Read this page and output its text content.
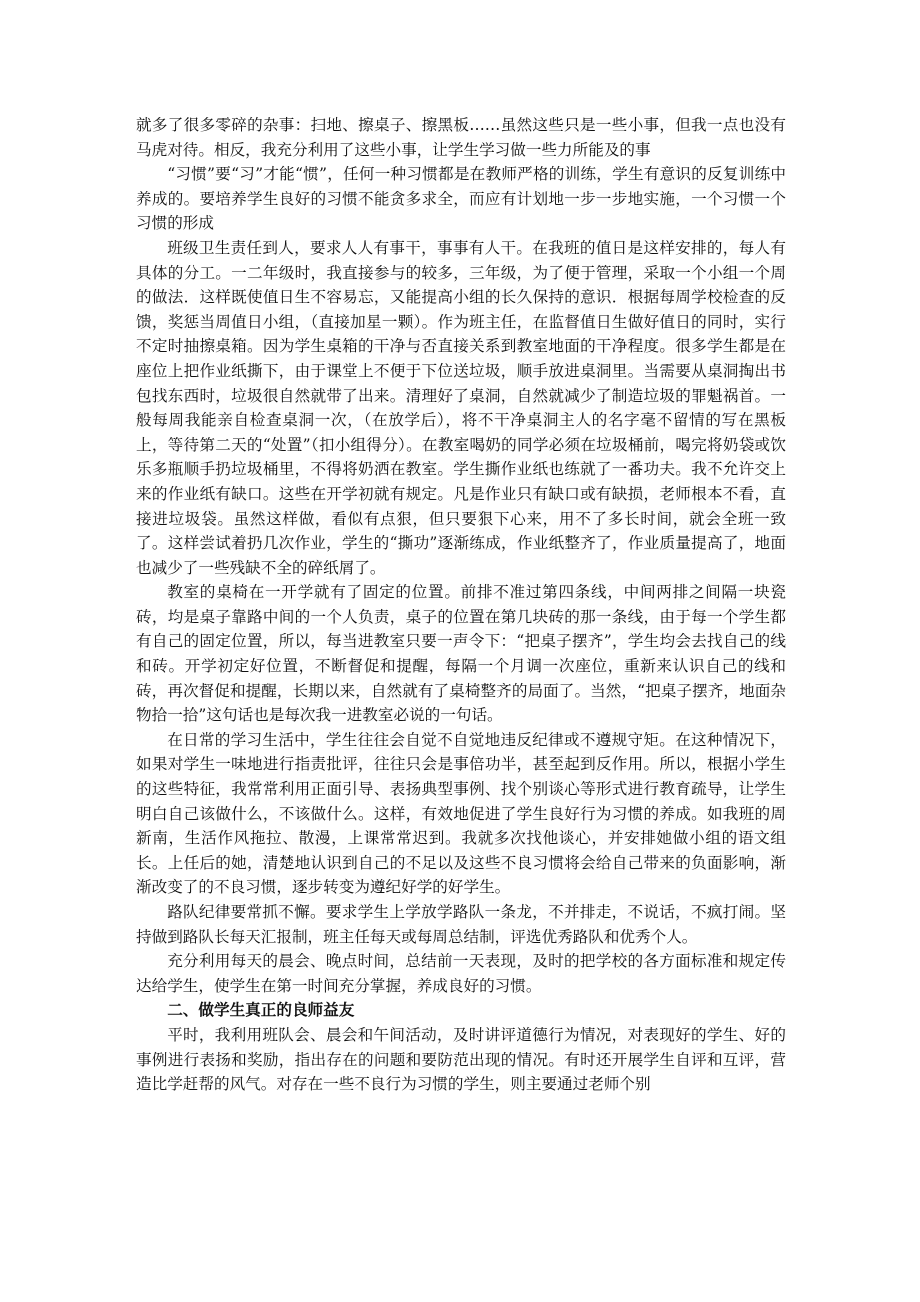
就多了很多零碎的杂事：扫地、擦桌子、擦黑板……虽然这些只是一些小事，但我一点也没有马虎对待。相反，我充分利用了这些小事，让学生学习做一些力所能及的事

“习惯”要“习”才能“惯”，任何一种习惯都是在教师严格的训练，学生有意识的反复训练中养成的。要培养学生良好的习惯不能贪多求全，而应有计划地一步一步地实施，一个习惯一个习惯的形成

班级卫生责任到人，要求人人有事干，事事有人干。在我班的值日是这样安排的，每人有具体的分工。一二年级时，我直接参与的较多，三年级，为了便于管理，采取一个小组一个周的做法．这样既使值日生不容易忘，又能提高小组的长久保持的意识．根据每周学校检查的反馈，奖惩当周值日小组，（直接加星一颗）。作为班主任，在监督值日生做好值日的同时，实行不定时抽擦桌箱。因为学生桌箱的干净与否直接关系到教室地面的干净程度。很多学生都是在座位上把作业纸撕下，由于课堂上不便于下位送垃圾，顺手放进桌洞里。当需要从桌洞掏出书包找东西时，垃圾很自然就带了出来。清理好了桌洞，自然就减少了制造垃圾的罪魁祸首。一般每周我能亲自检查桌洞一次，（在放学后），将不干净桌洞主人的名字毫不留情的写在黑板上，等待第二天的“处置”（扣小组得分）。在教室喝奶的同学必须在垃圾桶前，喝完将奶袋或饮乐多瓶顺手扔垃圾桶里，不得将奶洒在教室。学生撕作业纸也练就了一番功夫。我不允许交上来的作业纸有缺口。这些在开学初就有规定。凡是作业只有缺口或有缺损，老师根本不看，直接进垃圾袋。虽然这样做，看似有点狠，但只要狠下心来，用不了多长时间，就会全班一致了。这样尝试着扔几次作业，学生的“撕功”逐渐练成，作业纸整齐了，作业质量提高了，地面也减少了一些残缺不全的碎纸屑了。

教室的桌椅在一开学就有了固定的位置。前排不准过第四条线，中间两排之间隔一块瓷砖，均是桌子靠路中间的一个人负责，桌子的位置在第几块砖的那一条线，由于每一个学生都有自己的固定位置，所以，每当进教室只要一声令下：“把桌子摆齐”，学生均会去找自己的线和砖。开学初定好位置，不断督促和提醒，每隔一个月调一次座位，重新来认识自己的线和砖，再次督促和提醒，长期以来，自然就有了桌椅整齐的局面了。当然，“把桌子摆齐，地面杂物拾一拾”这句话也是每次我一进教室必说的一句话。

在日常的学习生活中，学生往往会自觉不自觉地违反纪律或不遵规守矩。在这种情况下，如果对学生一味地进行指责批评，往往只会是事倍功半，甚至起到反作用。所以，根据小学生的这些特征，我常常利用正面引导、表扬典型事例、找个别谈心等形式进行教育疏导，让学生明白自己该做什么，不该做什么。这样，有效地促进了学生良好行为习惯的养成。如我班的周新南，生活作风拖拉、散漫，上课常常迟到。我就多次找他谈心，并安排她做小组的语文组长。上任后的她，清楚地认识到自己的不足以及这些不良习惯将会给自己带来的负面影响，渐渐改变了的不良习惯，逐步转变为遵纪好学的好学生。

路队纪律要常抓不懈。要求学生上学放学路队一条龙，不并排走，不说话，不疯打闹。坚持做到路队长每天汇报制，班主任每天或每周总结制，评选优秀路队和优秀个人。

充分利用每天的晨会、晚点时间，总结前一天表现，及时的把学校的各方面标准和规定传达给学生，使学生在第一时间充分掌握，养成良好的习惯。

二、做学生真正的良师益友

平时，我利用班队会、晨会和午间活动，及时讲评道德行为情况，对表现好的学生、好的事例进行表扬和奖励，指出存在的问题和要防范出现的情况。有时还开展学生自评和互评，营造比学赶帮的风气。对存在一些不良行为习惯的学生，则主要通过老师个别
